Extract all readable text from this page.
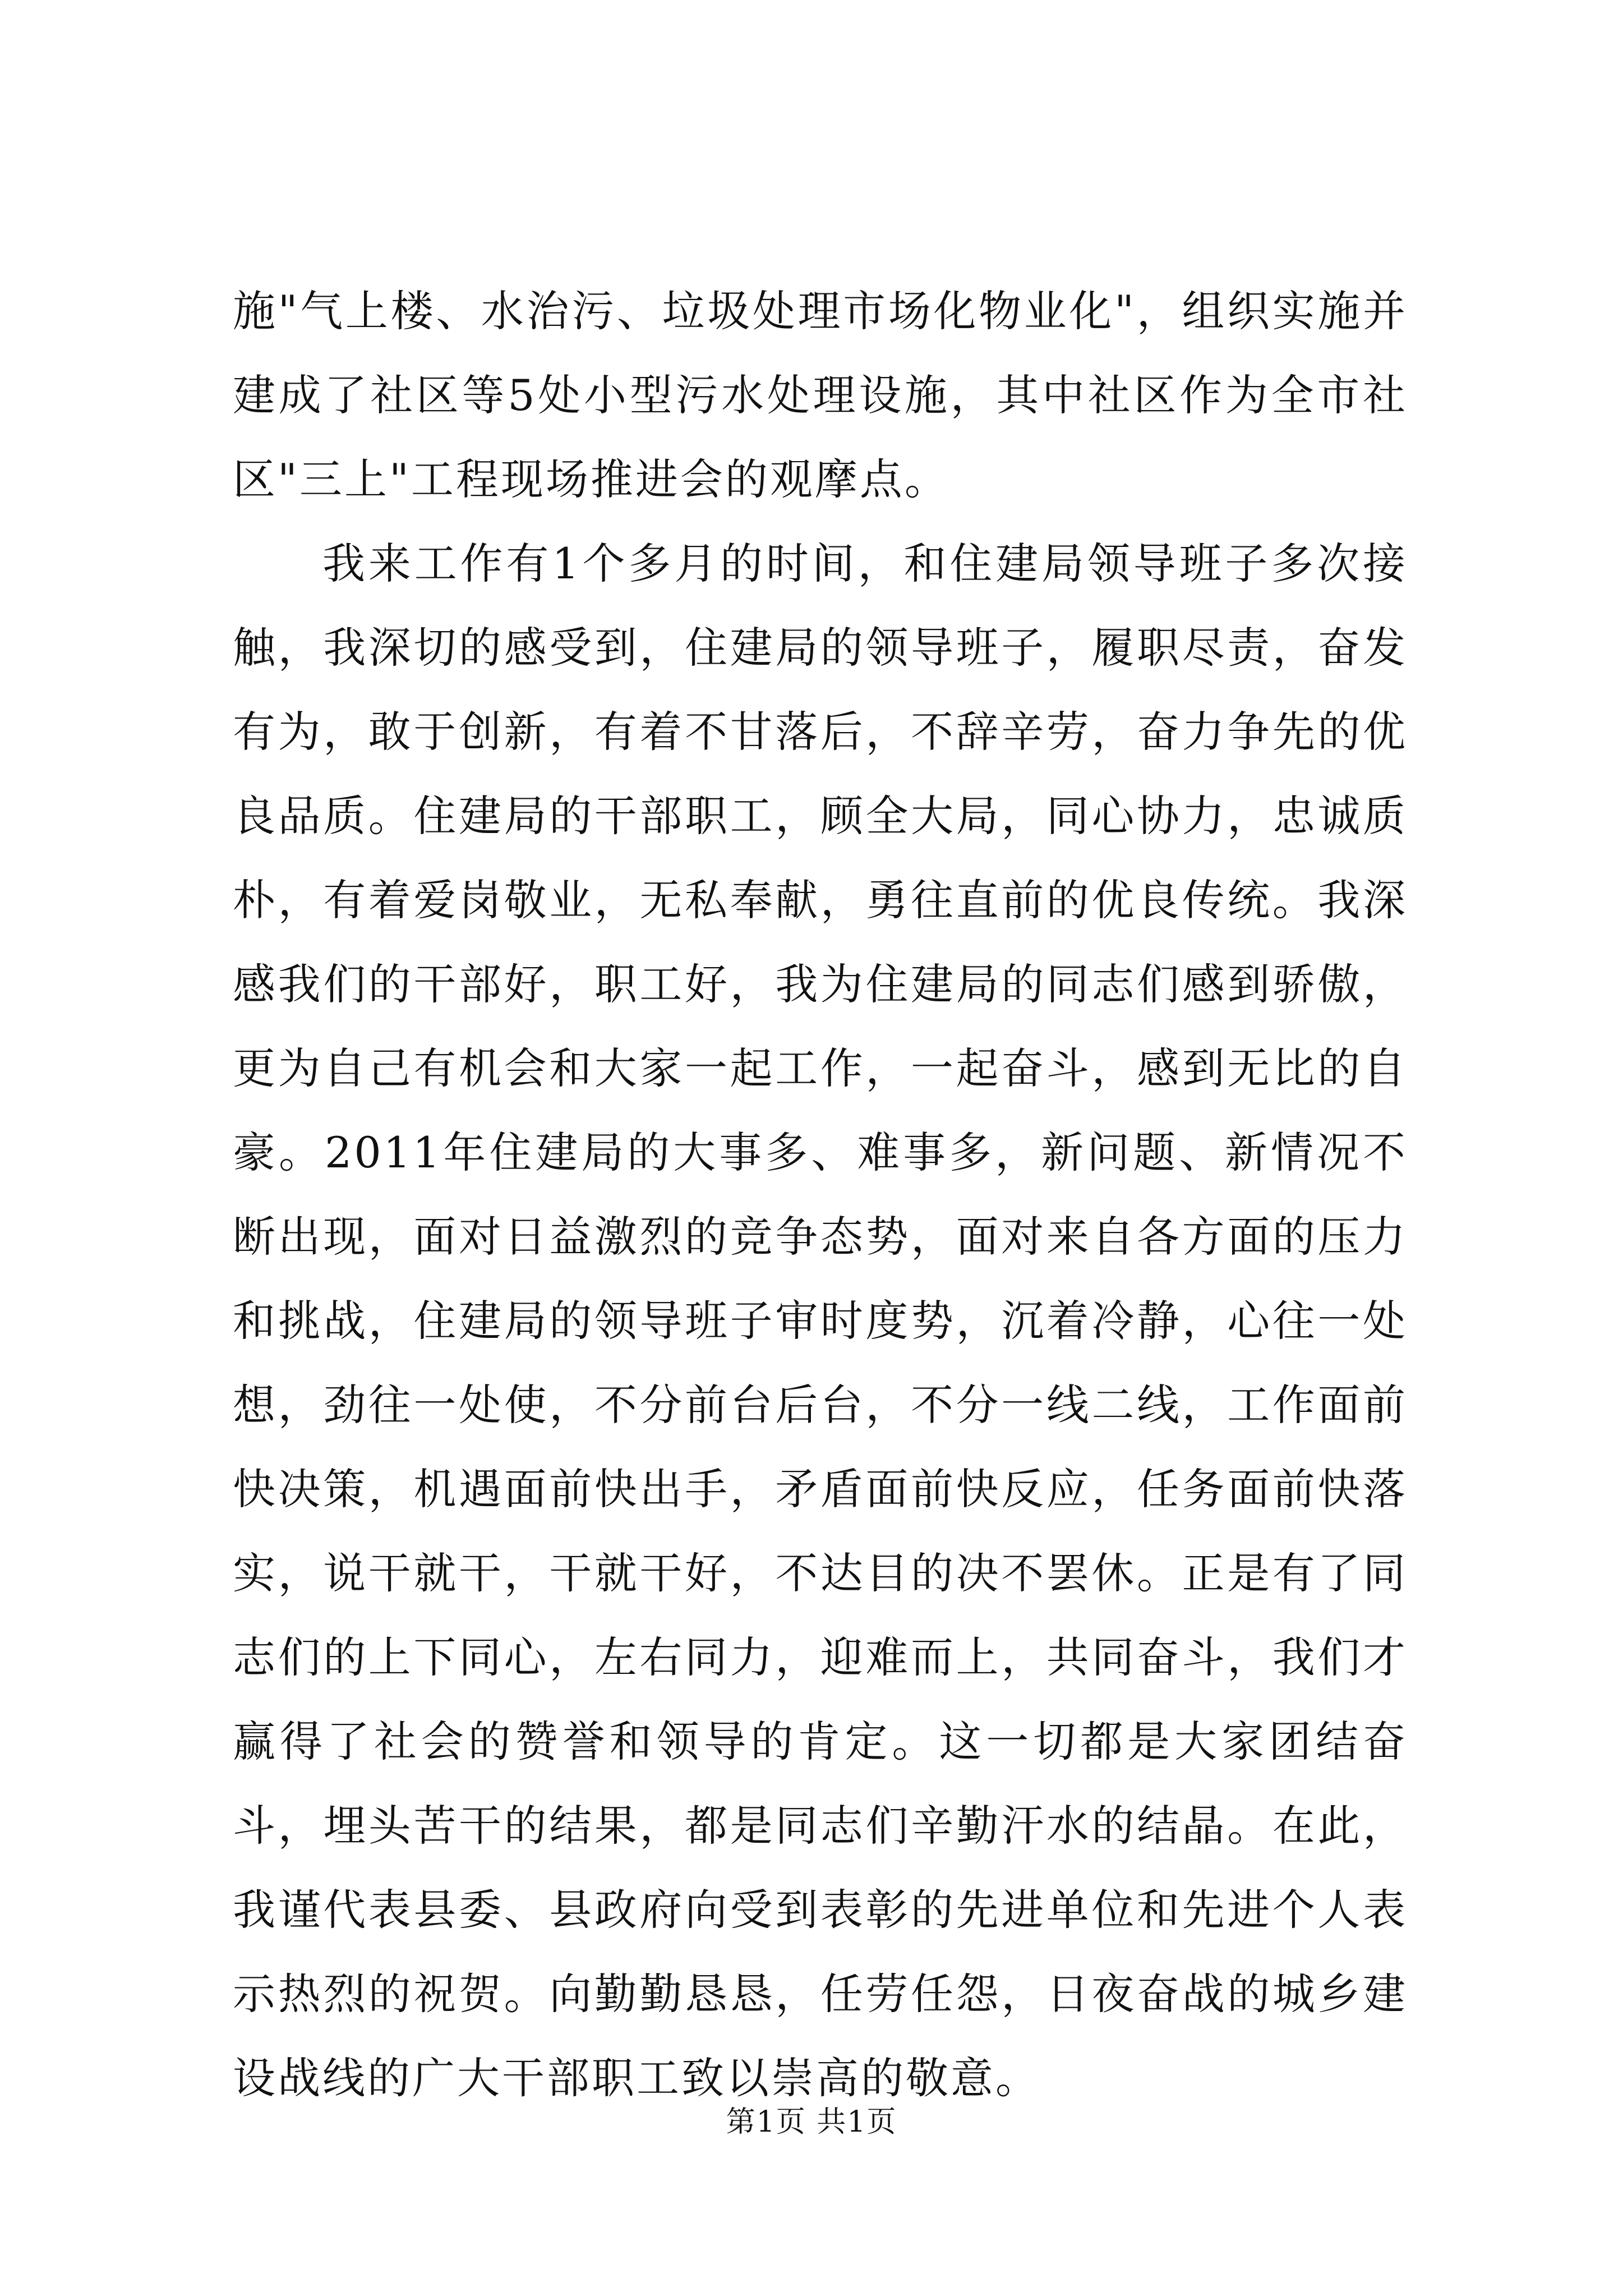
施"气上楼、水治污、垃圾处理市场化物业化"，组织实施并建成了社区等5处小型污水处理设施，其中社区作为全市社区"三上"工程现场推进会的观摩点。

我来工作有1个多月的时间，和住建局领导班子多次接触，我深切的感受到，住建局的领导班子，履职尽责，奋发有为，敢于创新，有着不甘落后，不辞辛劳，奋力争先的优良品质。住建局的干部职工，顾全大局，同心协力，忠诚质朴，有着爱岗敬业，无私奉献，勇往直前的优良传统。我深感我们的干部好，职工好，我为住建局的同志们感到骄傲，更为自己有机会和大家一起工作，一起奋斗，感到无比的自豪。2011年住建局的大事多、难事多，新问题、新情况不断出现，面对日益激烈的竞争态势，面对来自各方面的压力和挑战，住建局的领导班子审时度势，沉着冷静，心往一处想，劲往一处使，不分前台后台，不分一线二线，工作面前快决策，机遇面前快出手，矛盾面前快反应，任务面前快落实，说干就干，干就干好，不达目的决不罢休。正是有了同志们的上下同心，左右同力，迎难而上，共同奋斗，我们才赢得了社会的赞誉和领导的肯定。这一切都是大家团结奋斗，埋头苦干的结果，都是同志们辛勤汗水的结晶。在此，我谨代表县委、县政府向受到表彰的先进单位和先进个人表示热烈的祝贺。向勤勤恳恳，任劳任怨，日夜奋战的城乡建设战线的广大干部职工致以崇高的敬意。

第1页 共1页
